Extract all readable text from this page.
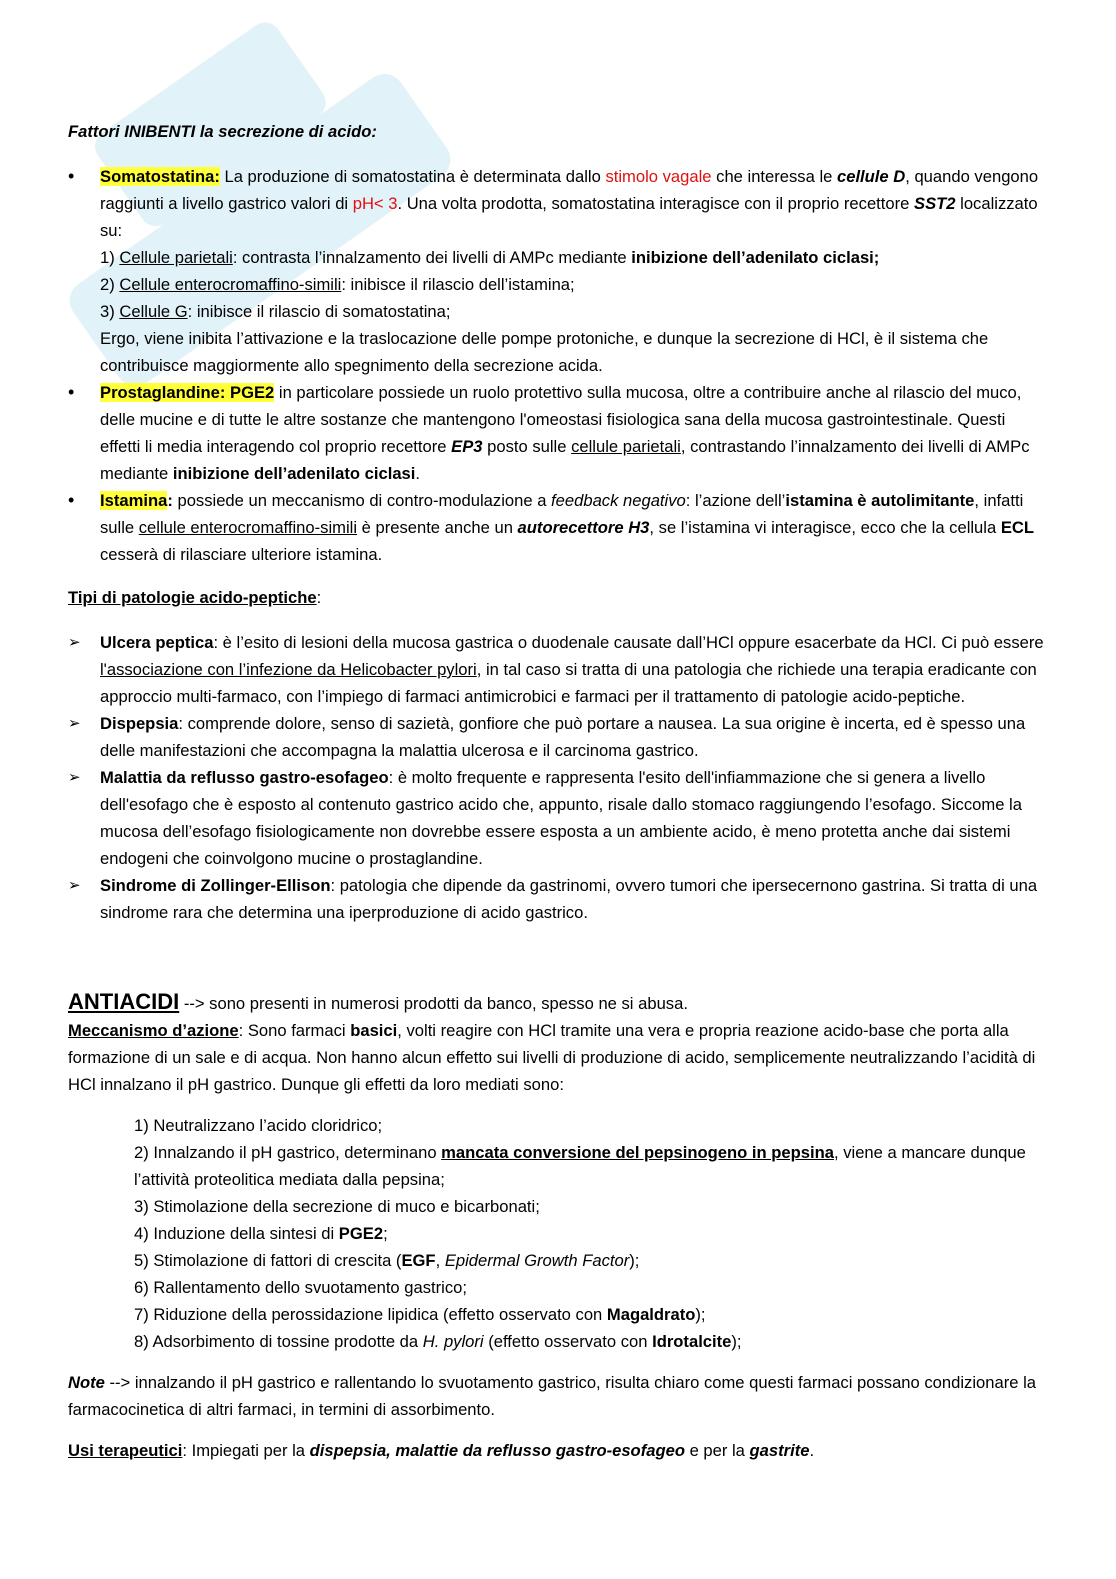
Fattori INIBENTI la secrezione di acido:

• Somatostatina: La produzione di somatostatina è determinata dallo stimolo vagale che interessa le cellule D, quando vengono raggiunti a livello gastrico valori di pH< 3. Una volta prodotta, somatostatina interagisce con il proprio recettore SST2 localizzato su:
1) Cellule parietali: contrasta l’innalzamento dei livelli di AMPc mediante inibizione dell’adenilato ciclasi;
2) Cellule enterocromaffino-simili: inibisce il rilascio dell’istamina;
3) Cellule G: inibisce il rilascio di somatostatina;
Ergo, viene inibita l’attivazione e la traslocazione delle pompe protoniche, e dunque la secrezione di HCl, è il sistema che contribuisce maggiormente allo spegnimento della secrezione acida.
• Prostaglandine: PGE2 in particolare possiede un ruolo protettivo sulla mucosa, oltre a contribuire anche al rilascio del muco, delle mucine e di tutte le altre sostanze che mantengono l'omeostasi fisiologica sana della mucosa gastrointestinale. Questi effetti li media interagendo col proprio recettore EP3 posto sulle cellule parietali, contrastando l’innalzamento dei livelli di AMPc mediante inibizione dell’adenilato ciclasi.
• Istamina: possiede un meccanismo di contro-modulazione a feedback negativo: l’azione dell’istamina è autolimitante, infatti sulle cellule enterocromaffino-simili è presente anche un autorecettore H3, se l’istamina vi interagisce, ecco che la cellula ECL cesserà di rilasciare ulteriore istamina.

Tipi di patologie acido-peptiche:

➢ Ulcera peptica: è l’esito di lesioni della mucosa gastrica o duodenale causate dall’HCl oppure esacerbate da HCl. Ci può essere l'associazione con l’infezione da Helicobacter pylori, in tal caso si tratta di una patologia che richiede una terapia eradicante con approccio multi-farmaco, con l’impiego di farmaci antimicrobici e farmaci per il trattamento di patologie acido-peptiche.
➢ Dispepsia: comprende dolore, senso di sazietà, gonfiore che può portare a nausea. La sua origine è incerta, ed è spesso una delle manifestazioni che accompagna la malattia ulcerosa e il carcinoma gastrico.
➢ Malattia da reflusso gastro-esofageo: è molto frequente e rappresenta l'esito dell'infiammazione che si genera a livello dell'esofago che è esposto al contenuto gastrico acido che, appunto, risale dallo stomaco raggiungendo l’esofago. Siccome la mucosa dell’esofago fisiologicamente non dovrebbe essere esposta a un ambiente acido, è meno protetta anche dai sistemi endogeni che coinvolgono mucine o prostaglandine.
➢ Sindrome di Zollinger-Ellison: patologia che dipende da gastrinomi, ovvero tumori che ipersecernono gastrina. Si tratta di una sindrome rara che determina una iperproduzione di acido gastrico.

ANTIACIDI --> sono presenti in numerosi prodotti da banco, spesso ne si abusa.

Meccanismo d’azione: Sono farmaci basici, volti reagire con HCl tramite una vera e propria reazione acido-base che porta alla formazione di un sale e di acqua. Non hanno alcun effetto sui livelli di produzione di acido, semplicemente neutralizzando l’acidità di HCl innalzano il pH gastrico. Dunque gli effetti da loro mediati sono:

1) Neutralizzano l’acido cloridrico;

2) Innalzando il pH gastrico, determinano mancata conversione del pepsinogeno in pepsina, viene a mancare dunque l’attività proteolitica mediata dalla pepsina;

3) Stimolazione della secrezione di muco e bicarbonati;

4) Induzione della sintesi di PGE2;

5) Stimolazione di fattori di crescita (EGF, Epidermal Growth Factor);

6) Rallentamento dello svuotamento gastrico;

7) Riduzione della perossidazione lipidica (effetto osservato con Magaldrato);

8) Adsorbimento di tossine prodotte da H. pylori (effetto osservato con Idrotalcite);

Note --> innalzando il pH gastrico e rallentando lo svuotamento gastrico, risulta chiaro come questi farmaci possano condizionare la farmacocinetica di altri farmaci, in termini di assorbimento.

Usi terapeutici: Impiegati per la dispepsia, malattie da reflusso gastro-esofageo e per la gastrite.
